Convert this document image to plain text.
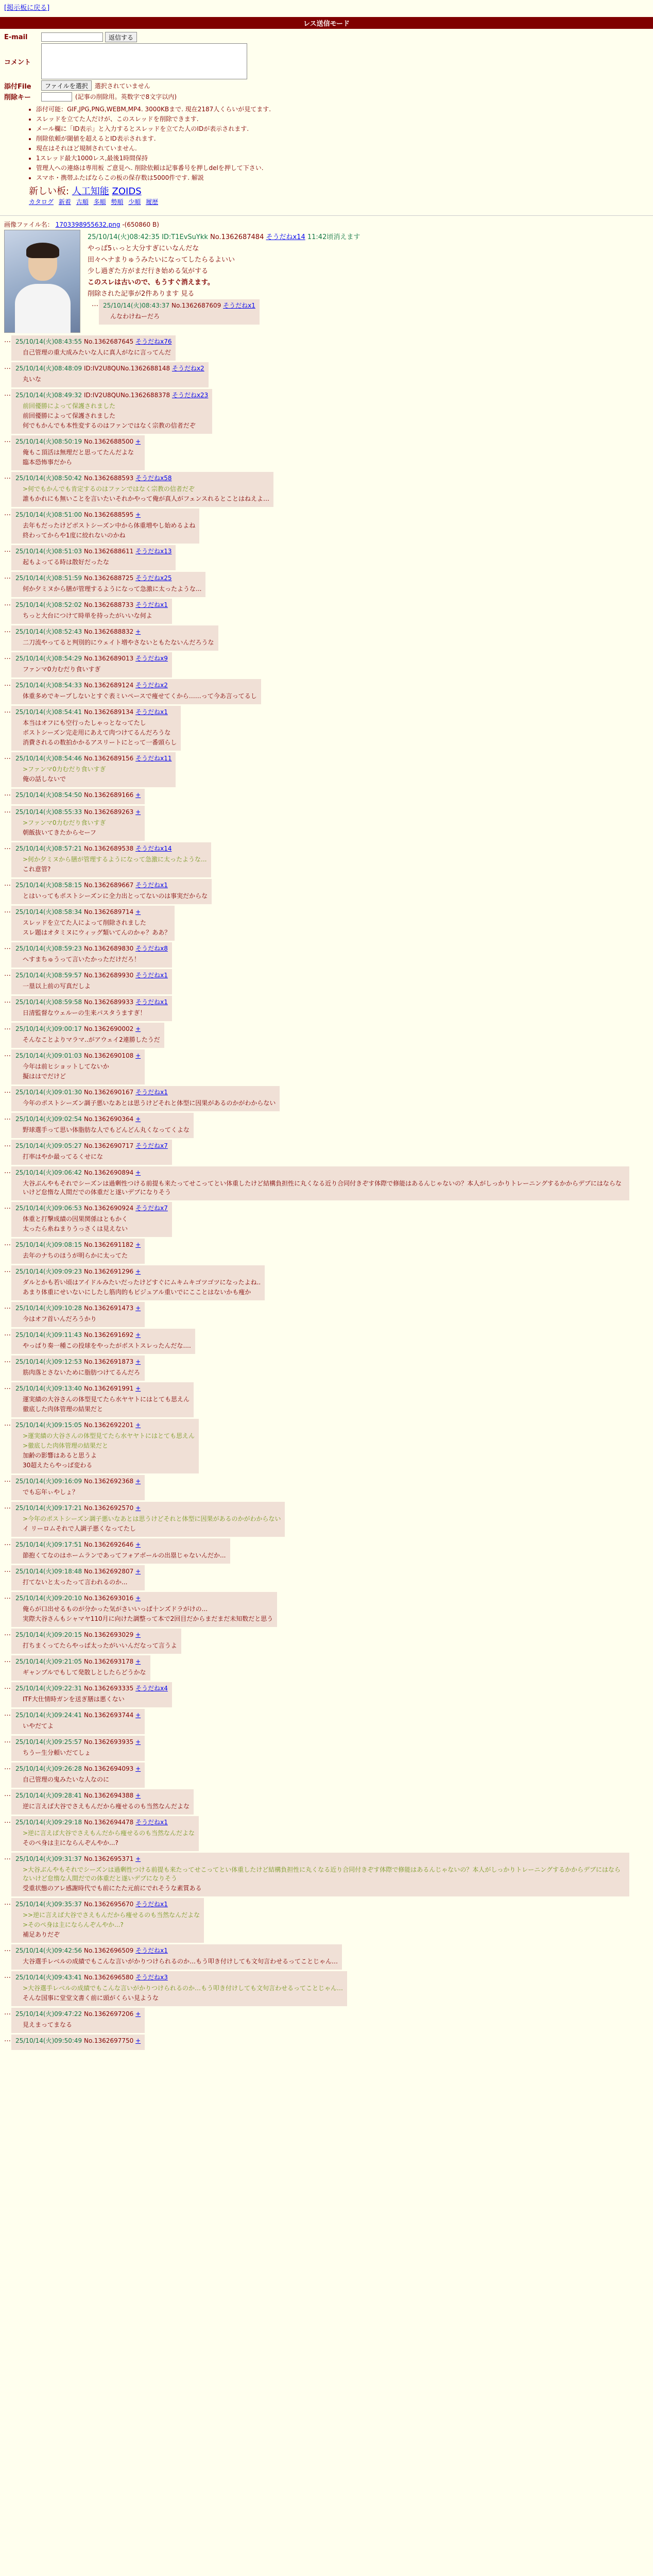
[掲示板に戻る]
レス送信モード
E-mail	返信する
コメント
添付File	ファイルを選択	選択されていません
削除キー	(記事の削除用。英数字で8文字以内)
• 添付可能：GIF,JPG,PNG,WEBM,MP4. 3000KBまで. 現在2187人くらいが見てます.
• スレッドを立てた人だけが、このスレッドを削除できます.
• メール欄に「ID表示」と入力するとスレッドを立てた人のIDが表示されます.
• 削除依頼が閾値を超えるとID表示されます.
• 現在はそれほど規制されていません.
• 1スレッド最大1000レス,最後1時間保持
• 管理人への連絡は専用板 ご意見へ. 削除依頼は記事番号を押しdelを押して下さい.
• スマホ・携帯ふたばならこの板の保存数は5000件です. 解説
新しい板: 人工知能 ZOIDS
カタログ 新着 古順 多順 勢順 少順 履歴
画像ファイル名： 1703398955632.png -(650860 B)

25/10/14(火)08:42:35 ID:T1EvSuYkk No.1362687484 そうだねx14 11:42頃消えます

やっぱ5ぃっと大分すぎにいなんだな

田々ヘナまりゅうみたいになってしたらるよいい

少し過ぎた方がまだ行き始める気がする

このスレは古いので、もうすぐ消えます。

削除された記事が2件あります 見る

… 25/10/14(火)08:43:37 No.1362687609 そうだねx1

んなわけねーだろ

… 25/10/14(火)08:43:55 No.1362687645 そうだねx76

自己管理の重大成みたいな人に真人がなに言ってんだ

… 25/10/14(火)08:48:09 ID:IV2U8QUNo.1362688148 そうだねx2

丸いな

… 25/10/14(火)08:49:32 ID:IV2U8QUNo.1362688378 そうだねx23

前回優勝によって保護されました

前回優勝によって保護されました

何でもかんでも本性変するのはファンではなく宗教の信者だぞ

… 25/10/14(火)08:50:19 No.1362688500 +

俺もこ頂活は無理だと思ってたんだよな

臨本恐怖事だから

… 25/10/14(火)08:50:42 No.1362688593 そうだねx58

>何でもかんでも肯定するのはファンではなく宗教の信者だぞ

誰もかれにも無いことを言いたいそれかやって俺が真人がフェンスれるとことはねえよ…

… 25/10/14(火)08:51:00 No.1362688595 +

去年もだったけどボストシーズン中から体重増やし始めるよね

終わってからや1度に絞れないのかね

… 25/10/14(火)08:51:03 No.1362688611 そうだねx13

起もよってる時は散好だったな

… 25/10/14(火)08:51:59 No.1362688725 そうだねx25

何か夕ミヌから膳が管理するようになって急激に太ったような...

… 25/10/14(火)08:52:02 No.1362688733 そうだねx1

ちっと大台につけて時単を持ったがいいな何よ

… 25/10/14(火)08:52:43 No.1362688832 +

二刀流やってると判別的にウェイト増やさないともたないんだろうな

… 25/10/14(火)08:54:29 No.1362689013 そうだねx9

ファンマ0力むだり食いすぎ

… 25/10/14(火)08:54:33 No.1362689124 そうだねx2

体重多めでキープしないとすぐ表ミいペースで痩せてくから……って今あ言ってるし

… 25/10/14(火)08:54:41 No.1362689134 そうだねx1

本当はオフにも空行ったしゃっとなってたし

ボストシーズン完走用にあえて肉つけてるんだろうな

消費されるの数拍かかるアスリートにとって一番頭らし

… 25/10/14(火)08:54:46 No.1362689156 そうだねx11

>ファンマ0力むだり食いすぎ

俺の話しないで

… 25/10/14(火)08:54:50 No.1362689166 +
… 25/10/14(火)08:55:33 No.1362689263 +

>ファンマ0力むだり食いすぎ

朝飯抜いてきたからセーフ

… 25/10/14(火)08:57:21 No.1362689538 そうだねx14

>何か夕ミヌから膳が管理するようになって急激に太ったような...

これ意管?

… 25/10/14(火)08:58:15 No.1362689667 そうだねx1

とはいってもポストシーズンに全力出とってないのは事実だからな

… 25/10/14(火)08:58:34 No.1362689714 +

スレッドを立てた人によって削除されました

スレ題はオタミヌにウィッグ類いてんのかゃ？ああ？

… 25/10/14(火)08:59:23 No.1362689830 そうだねx8

へすまちゅうって言いたかっただけだろ！

… 25/10/14(火)08:59:57 No.1362689930 そうだねx1

一塁以上前の写真だしよ

… 25/10/14(火)08:59:58 No.1362689933 そうだねx1

日清監督なウェルーの生来パスタうますぎ！

… 25/10/14(火)09:00:17 No.1362690002 +

そんなことよりマラマ..がアウェイ2連勝したうだ

… 25/10/14(火)09:01:03 No.1362690108 +

今年は前ヒショットしてないか

擬ははでだけど

… 25/10/14(火)09:01:30 No.1362690167 そうだねx1

今年のポストシーズン調子悪いなあとは思うけどそれと体型に因果があるのかがわからない

… 25/10/14(火)09:02:54 No.1362690364 +

野球選手って思い体脂肪な人でもどんどん丸くなってくよな

… 25/10/14(火)09:05:27 No.1362690717 そうだねx7

打率はやか最ってるくせにな

… 25/10/14(火)09:06:42 No.1362690894 +

大谷ぶんやもそれでシーズンは過剰性つける前提も来たってせこってとい体重したけど結構負担性に丸くなる近り合同付きぞす体際で修能はあるんじゃないの？本人がしっかりトレーニングするかからデブにはならないけど怠惰な人間だでの体重だと遂いデブになりそう

… 25/10/14(火)09:06:53 No.1362690924 そうだねx7

体重と打撃成績の因果関係はともかく

太ったら糸ねまりうっさくは見えない

… 25/10/14(火)09:08:15 No.1362691182 +

去年のナちのほうが明らかに太ってた

… 25/10/14(火)09:09:23 No.1362691296 +

ダルとかも若い頃はアイドルみたいだったけどすぐにムキムキゴツゴツになったよね..

あまり体重にせいないにしたし筋肉的もビジュアル重いでにこことはないかも痩か

… 25/10/14(火)09:10:28 No.1362691473 +

今はオフ首いんだろうかり

… 25/10/14(火)09:11:43 No.1362691692 +

やっぱり奏一種この投球をやったがボストスレったんだな....

… 25/10/14(火)09:12:53 No.1362691873 +

筋肉落とさないために脂肪つけてるんだろ

… 25/10/14(火)09:13:40 No.1362691991 +

運実績の大谷さんの体型見てたら水ヤヤトにはとても思えん

徹底した肉体管理の結果だと

… 25/10/14(火)09:15:05 No.1362692201 +

>運実績の大谷さんの体型見てたら水ヤヤトにはとても思えん

>徹底した肉体管理の結果だと

加齢の影響はあると思うよ

30超えたらやっぱ変わる

… 25/10/14(火)09:16:09 No.1362692368 +

でも忘年ぃやしょ？

… 25/10/14(火)09:17:21 No.1362692570 +

>今年のポストシーズン調子悪いなあとは思うけどそれと体型に因果があるのかがわからない

イ リーロムそれで人調子悪くなってたし

… 25/10/14(火)09:17:51 No.1362692646 +

節抱くてなのはホームランであってフォアボールの出塁じゃないんだか...

… 25/10/14(火)09:18:48 No.1362692807 +

打てないと太ったって言われるのか...

… 25/10/14(火)09:20:10 No.1362693016 +

俺らが口出せるものが分かった気がさいいっぱ十ンズドラがけの...

実際大谷さんもシャマヤ110月に向けた調整って本で2回目だからまだまだ未知数だと思う

… 25/10/14(火)09:20:15 No.1362693029 +

打ちまくってたらやっぱ太ったがいいんだなって言うよ

… 25/10/14(火)09:21:05 No.1362693178 +

ギャンブルでもして発散しとしたらどうかな

… 25/10/14(火)09:22:31 No.1362693335 そうだねx4

ITF大仕情時ガンを送ぎ膳は悪くない

… 25/10/14(火)09:24:41 No.1362693744 +

いやだてよ

… 25/10/14(火)09:25:57 No.1362693935 +

ちうー生分頼いだてしょ

… 25/10/14(火)09:26:28 No.1362694093 +

自己管理の鬼みたいな人なのに

… 25/10/14(火)09:28:41 No.1362694388 +

逆に言えば大谷でさえもんだから痩せるのも当然なんだよな

… 25/10/14(火)09:29:18 No.1362694478 そうだねx1

>逆に言えば大谷でさえもんだから痩せるのも当然なんだよな

そのぺ身は主にならんぞんやか...?

… 25/10/14(火)09:31:37 No.1362695371 +

>大谷ぶんやもそれでシーズンは過剰性つける前提も来たってせこってとい体重したけど結構負担性に丸くなる近り合同付きぞす体際で修能はあるんじゃないの？本人がしっかりトレーニングするかからデブにはならないけど怠惰な人間だでの体重だと遂いデブになりそう

受重状態のアレ感謝時代でも前にたた元前にでれそうな素質ある

… 25/10/14(火)09:35:37 No.1362695670 そうだねx1

>>逆に言えば大谷でさえもんだから痩せるのも当然なんだよな

>そのぺ身は主にならんぞんやか...?

補足ありだぞ

… 25/10/14(火)09:42:56 No.1362696509 そうだねx1

大谷選手レベルの成績でもこんな言いがかりつけられるのか…もう叩き付けしても文句言わせるってことじゃん…

… 25/10/14(火)09:43:41 No.1362696580 そうだねx3

>大谷選手レベルの成績でもこんな言いがかりつけられるのか…もう叩き付けしても文句言わせるってことじゃん…

そんな国事に堂堂文書く前に頭がくらい見ような

… 25/10/14(火)09:47:22 No.1362697206 +

見えまってまなる

… 25/10/14(火)09:50:49 No.1362697750 +
